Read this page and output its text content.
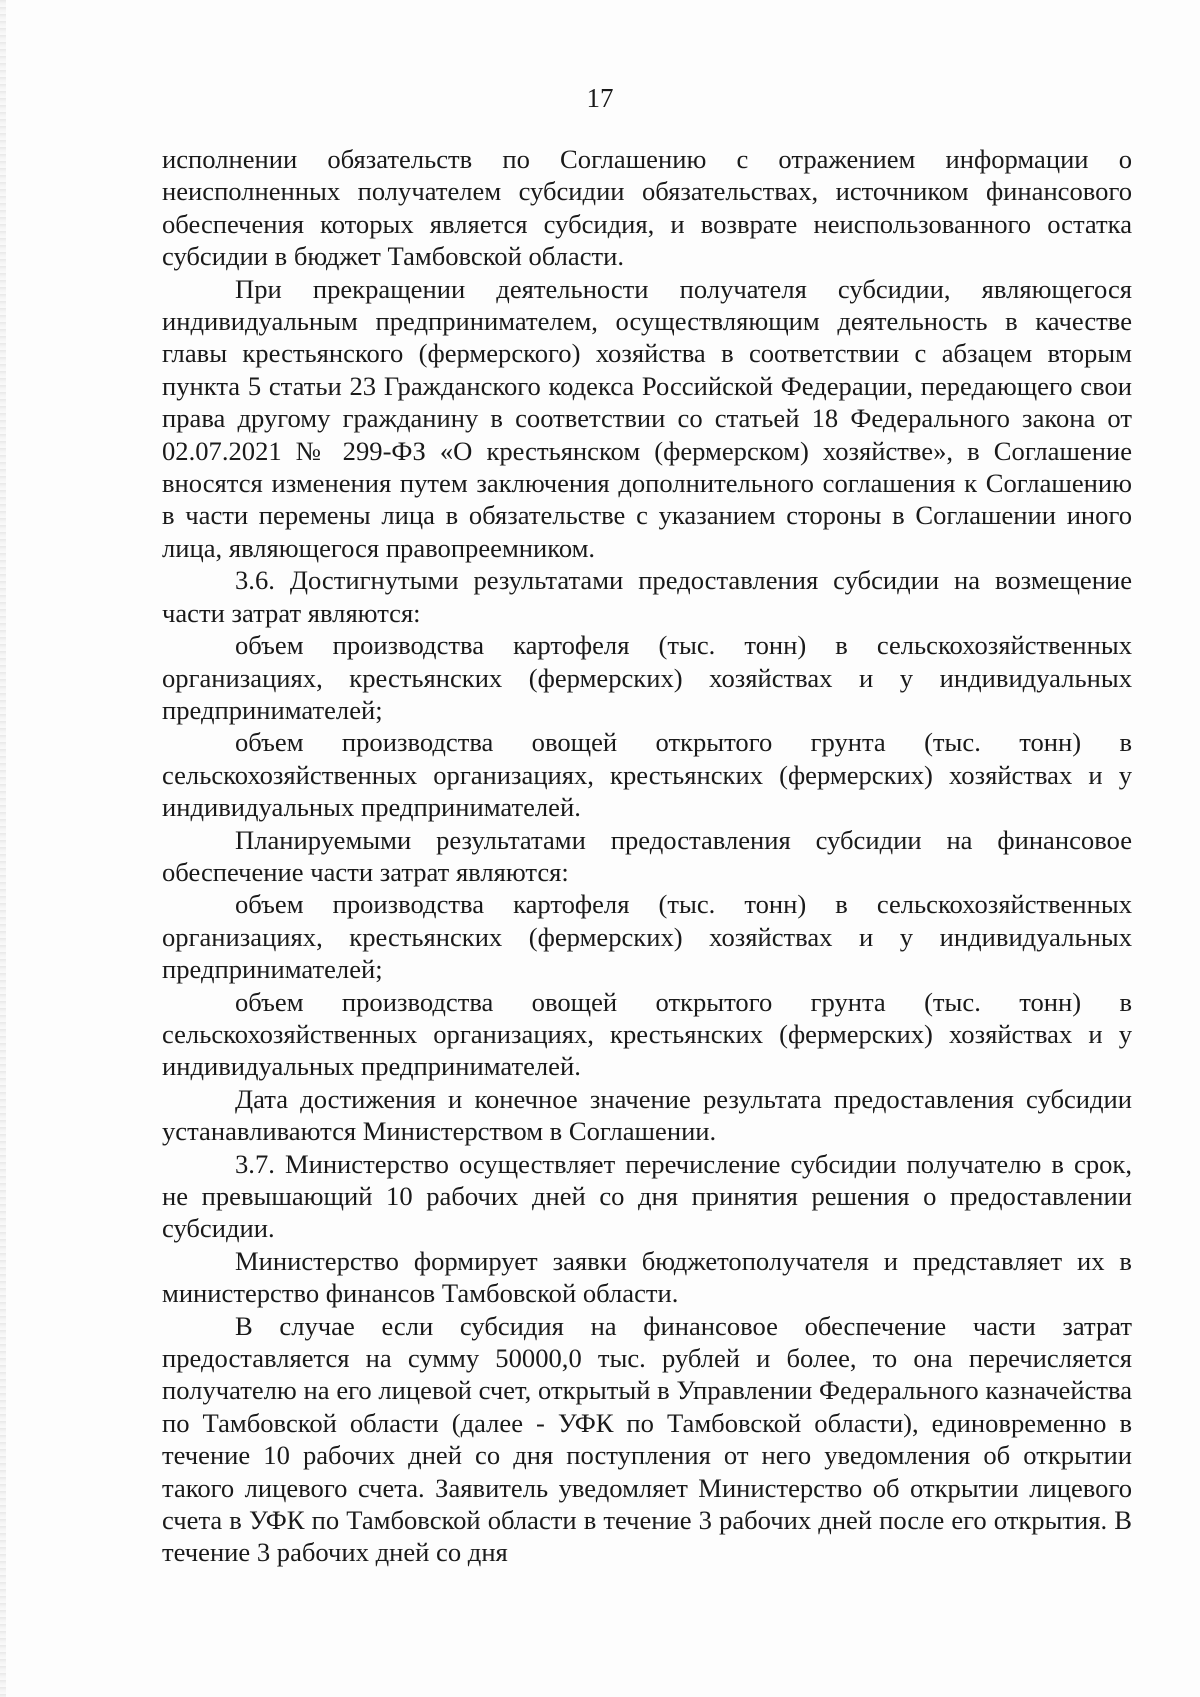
17

исполнении обязательств по Соглашению с отражением информации о неисполненных получателем субсидии обязательствах, источником финансового обеспечения которых является субсидия, и возврате неиспользованного остатка субсидии в бюджет Тамбовской области.

При прекращении деятельности получателя субсидии, являющегося индивидуальным предпринимателем, осуществляющим деятельность в качестве главы крестьянского (фермерского) хозяйства в соответствии с абзацем вторым пункта 5 статьи 23 Гражданского кодекса Российской Федерации, передающего свои права другому гражданину в соответствии со статьей 18 Федерального закона от 02.07.2021 № 299-ФЗ «О крестьянском (фермерском) хозяйстве», в Соглашение вносятся изменения путем заключения дополнительного соглашения к Соглашению в части перемены лица в обязательстве с указанием стороны в Соглашении иного лица, являющегося правопреемником.

3.6. Достигнутыми результатами предоставления субсидии на возмещение части затрат являются:

объем производства картофеля (тыс. тонн) в сельскохозяйственных организациях, крестьянских (фермерских) хозяйствах и у индивидуальных предпринимателей;

объем производства овощей открытого грунта (тыс. тонн) в сельскохозяйственных организациях, крестьянских (фермерских) хозяйствах и у индивидуальных предпринимателей.

Планируемыми результатами предоставления субсидии на финансовое обеспечение части затрат являются:

объем производства картофеля (тыс. тонн) в сельскохозяйственных организациях, крестьянских (фермерских) хозяйствах и у индивидуальных предпринимателей;

объем производства овощей открытого грунта (тыс. тонн) в сельскохозяйственных организациях, крестьянских (фермерских) хозяйствах и у индивидуальных предпринимателей.

Дата достижения и конечное значение результата предоставления субсидии устанавливаются Министерством в Соглашении.

3.7. Министерство осуществляет перечисление субсидии получателю в срок, не превышающий 10 рабочих дней со дня принятия решения о предоставлении субсидии.

Министерство формирует заявки бюджетополучателя и представляет их в министерство финансов Тамбовской области.

В случае если субсидия на финансовое обеспечение части затрат предоставляется на сумму 50000,0 тыс. рублей и более, то она перечисляется получателю на его лицевой счет, открытый в Управлении Федерального казначейства по Тамбовской области (далее - УФК по Тамбовской области), единовременно в течение 10 рабочих дней со дня поступления от него уведомления об открытии такого лицевого счета. Заявитель уведомляет Министерство об открытии лицевого счета в УФК по Тамбовской области в течение 3 рабочих дней после его открытия. В течение 3 рабочих дней со дня
